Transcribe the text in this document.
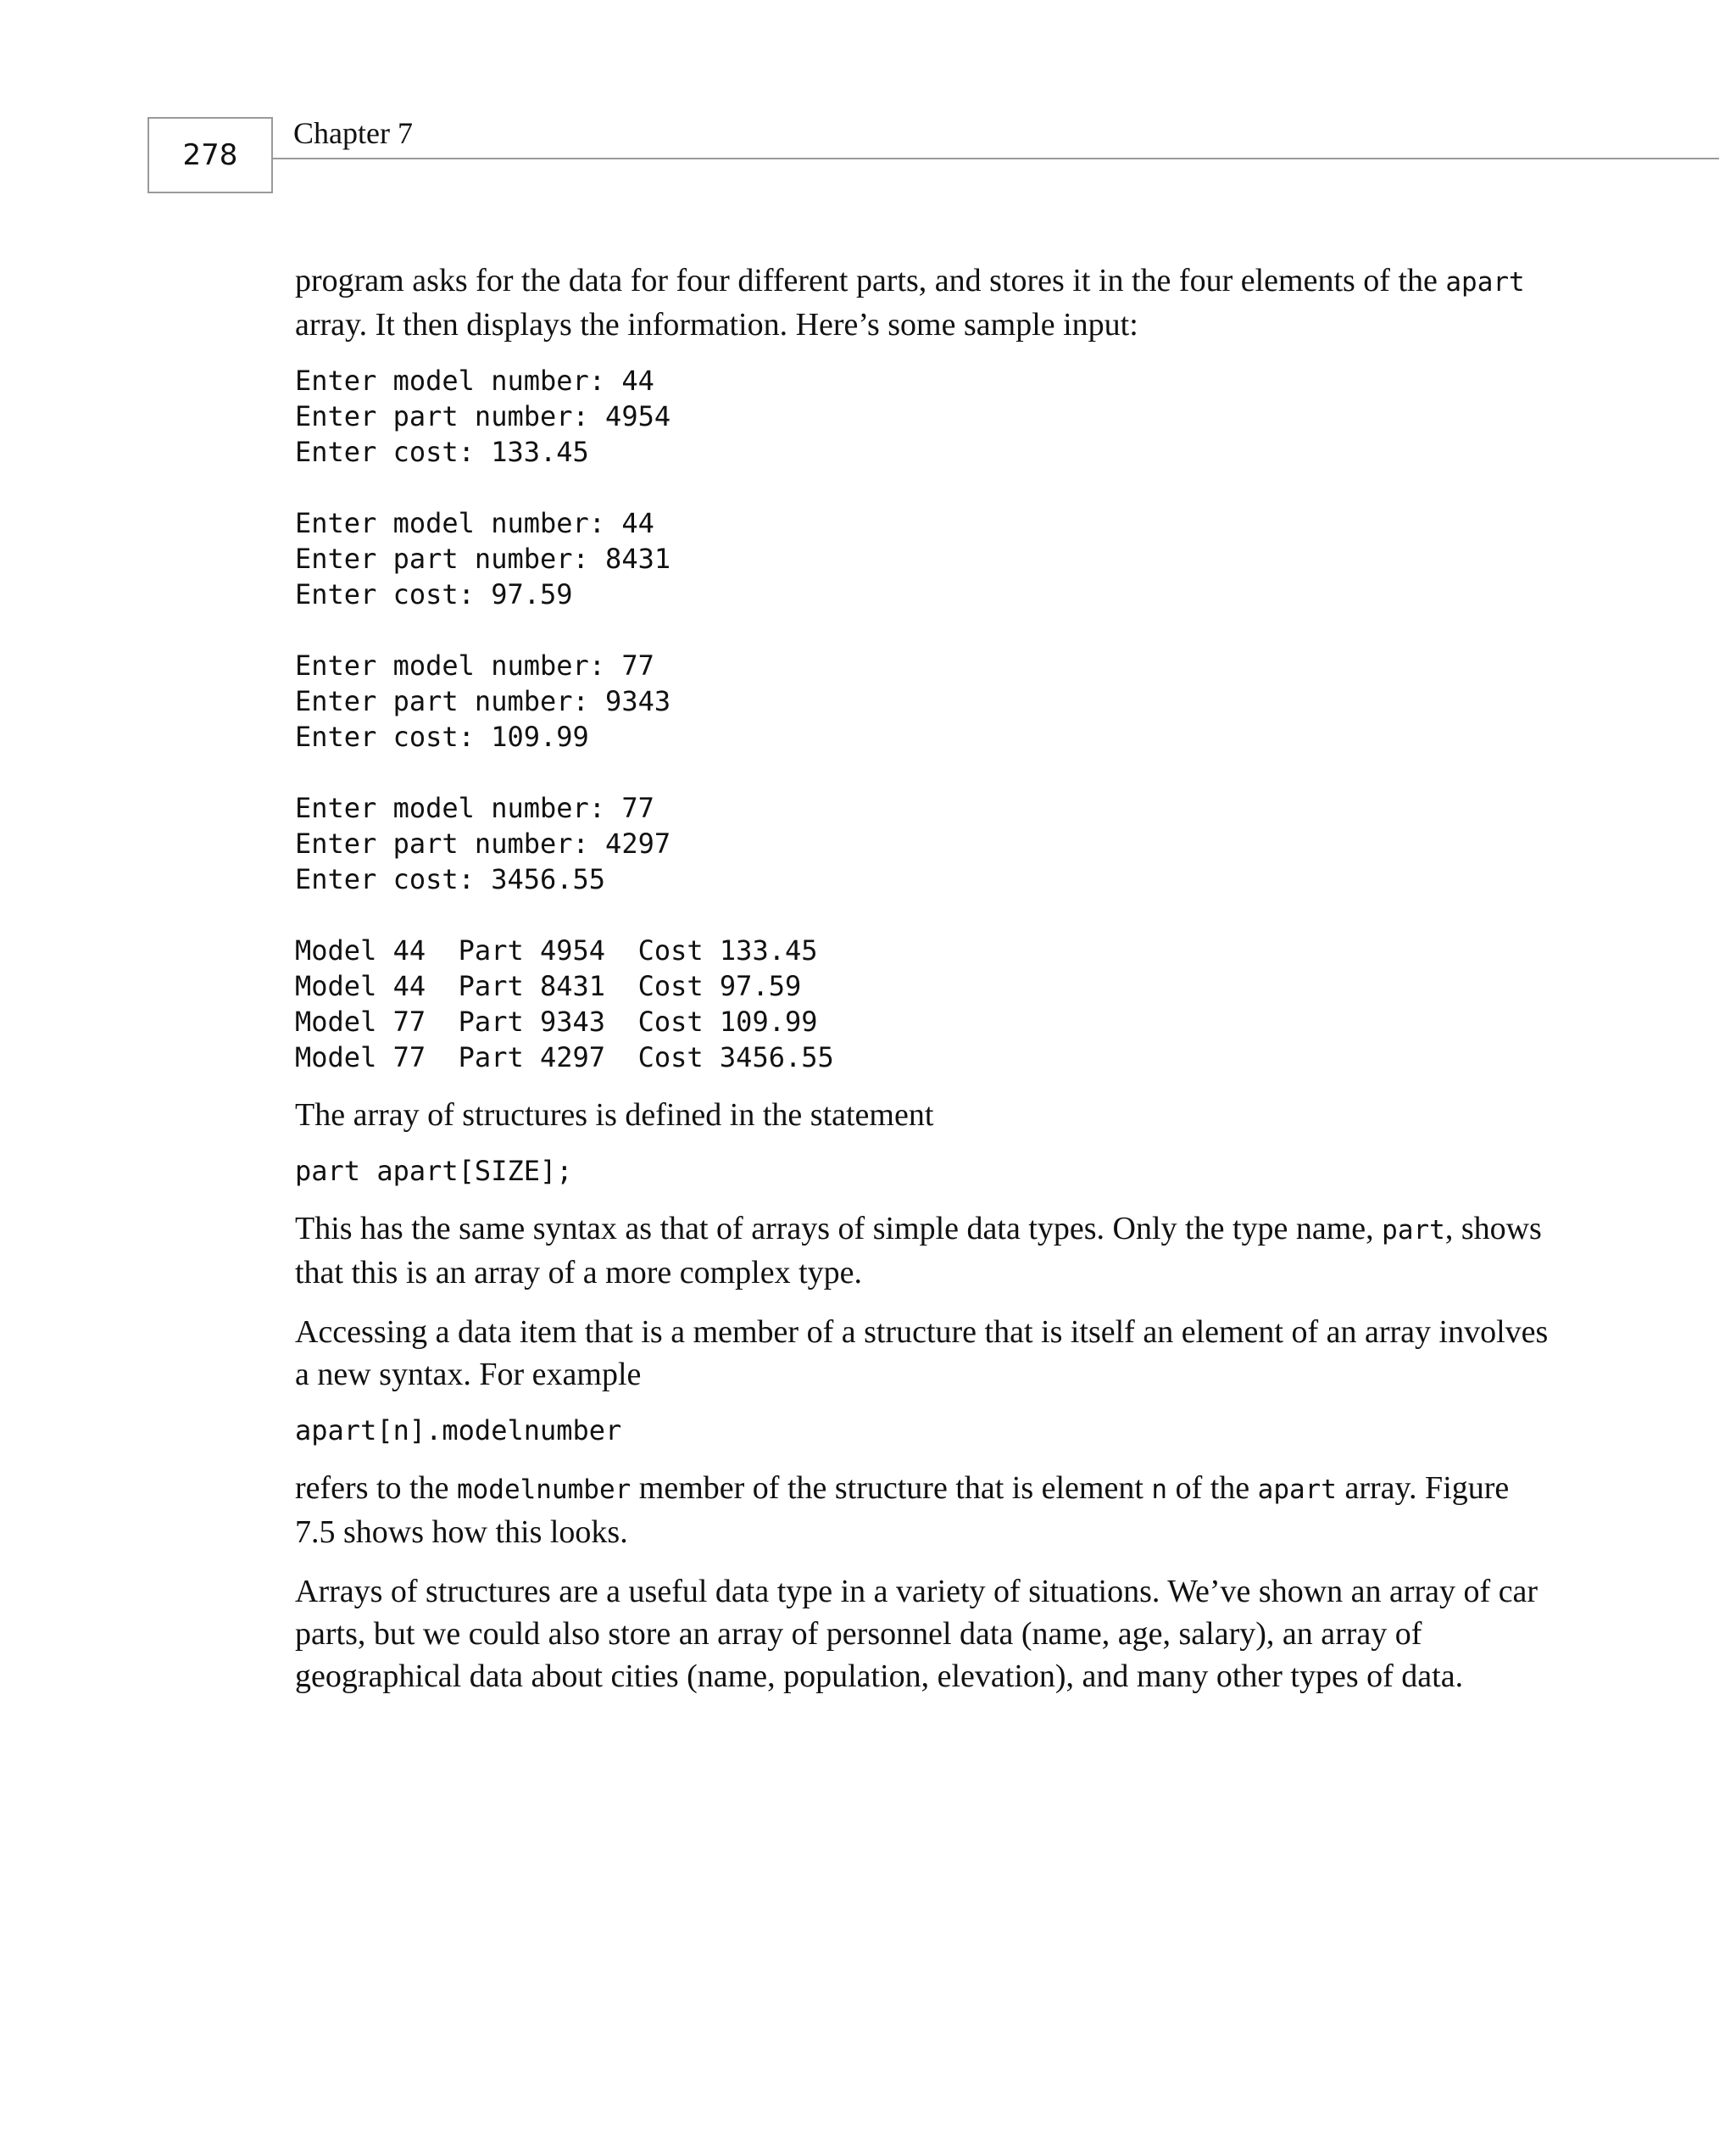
278
Chapter 7

program asks for the data for four different parts, and stores it in the four elements of the apart array. It then displays the information. Here’s some sample input:

Enter model number: 44
Enter part number: 4954
Enter cost: 133.45

Enter model number: 44
Enter part number: 8431
Enter cost: 97.59

Enter model number: 77
Enter part number: 9343
Enter cost: 109.99

Enter model number: 77
Enter part number: 4297
Enter cost: 3456.55

Model 44  Part 4954  Cost 133.45
Model 44  Part 8431  Cost 97.59
Model 77  Part 9343  Cost 109.99
Model 77  Part 4297  Cost 3456.55

The array of structures is defined in the statement

part apart[SIZE];

This has the same syntax as that of arrays of simple data types. Only the type name, part, shows that this is an array of a more complex type.

Accessing a data item that is a member of a structure that is itself an element of an array involves a new syntax. For example

apart[n].modelnumber

refers to the modelnumber member of the structure that is element n of the apart array. Figure 7.5 shows how this looks.

Arrays of structures are a useful data type in a variety of situations. We’ve shown an array of car parts, but we could also store an array of personnel data (name, age, salary), an array of geographical data about cities (name, population, elevation), and many other types of data.
